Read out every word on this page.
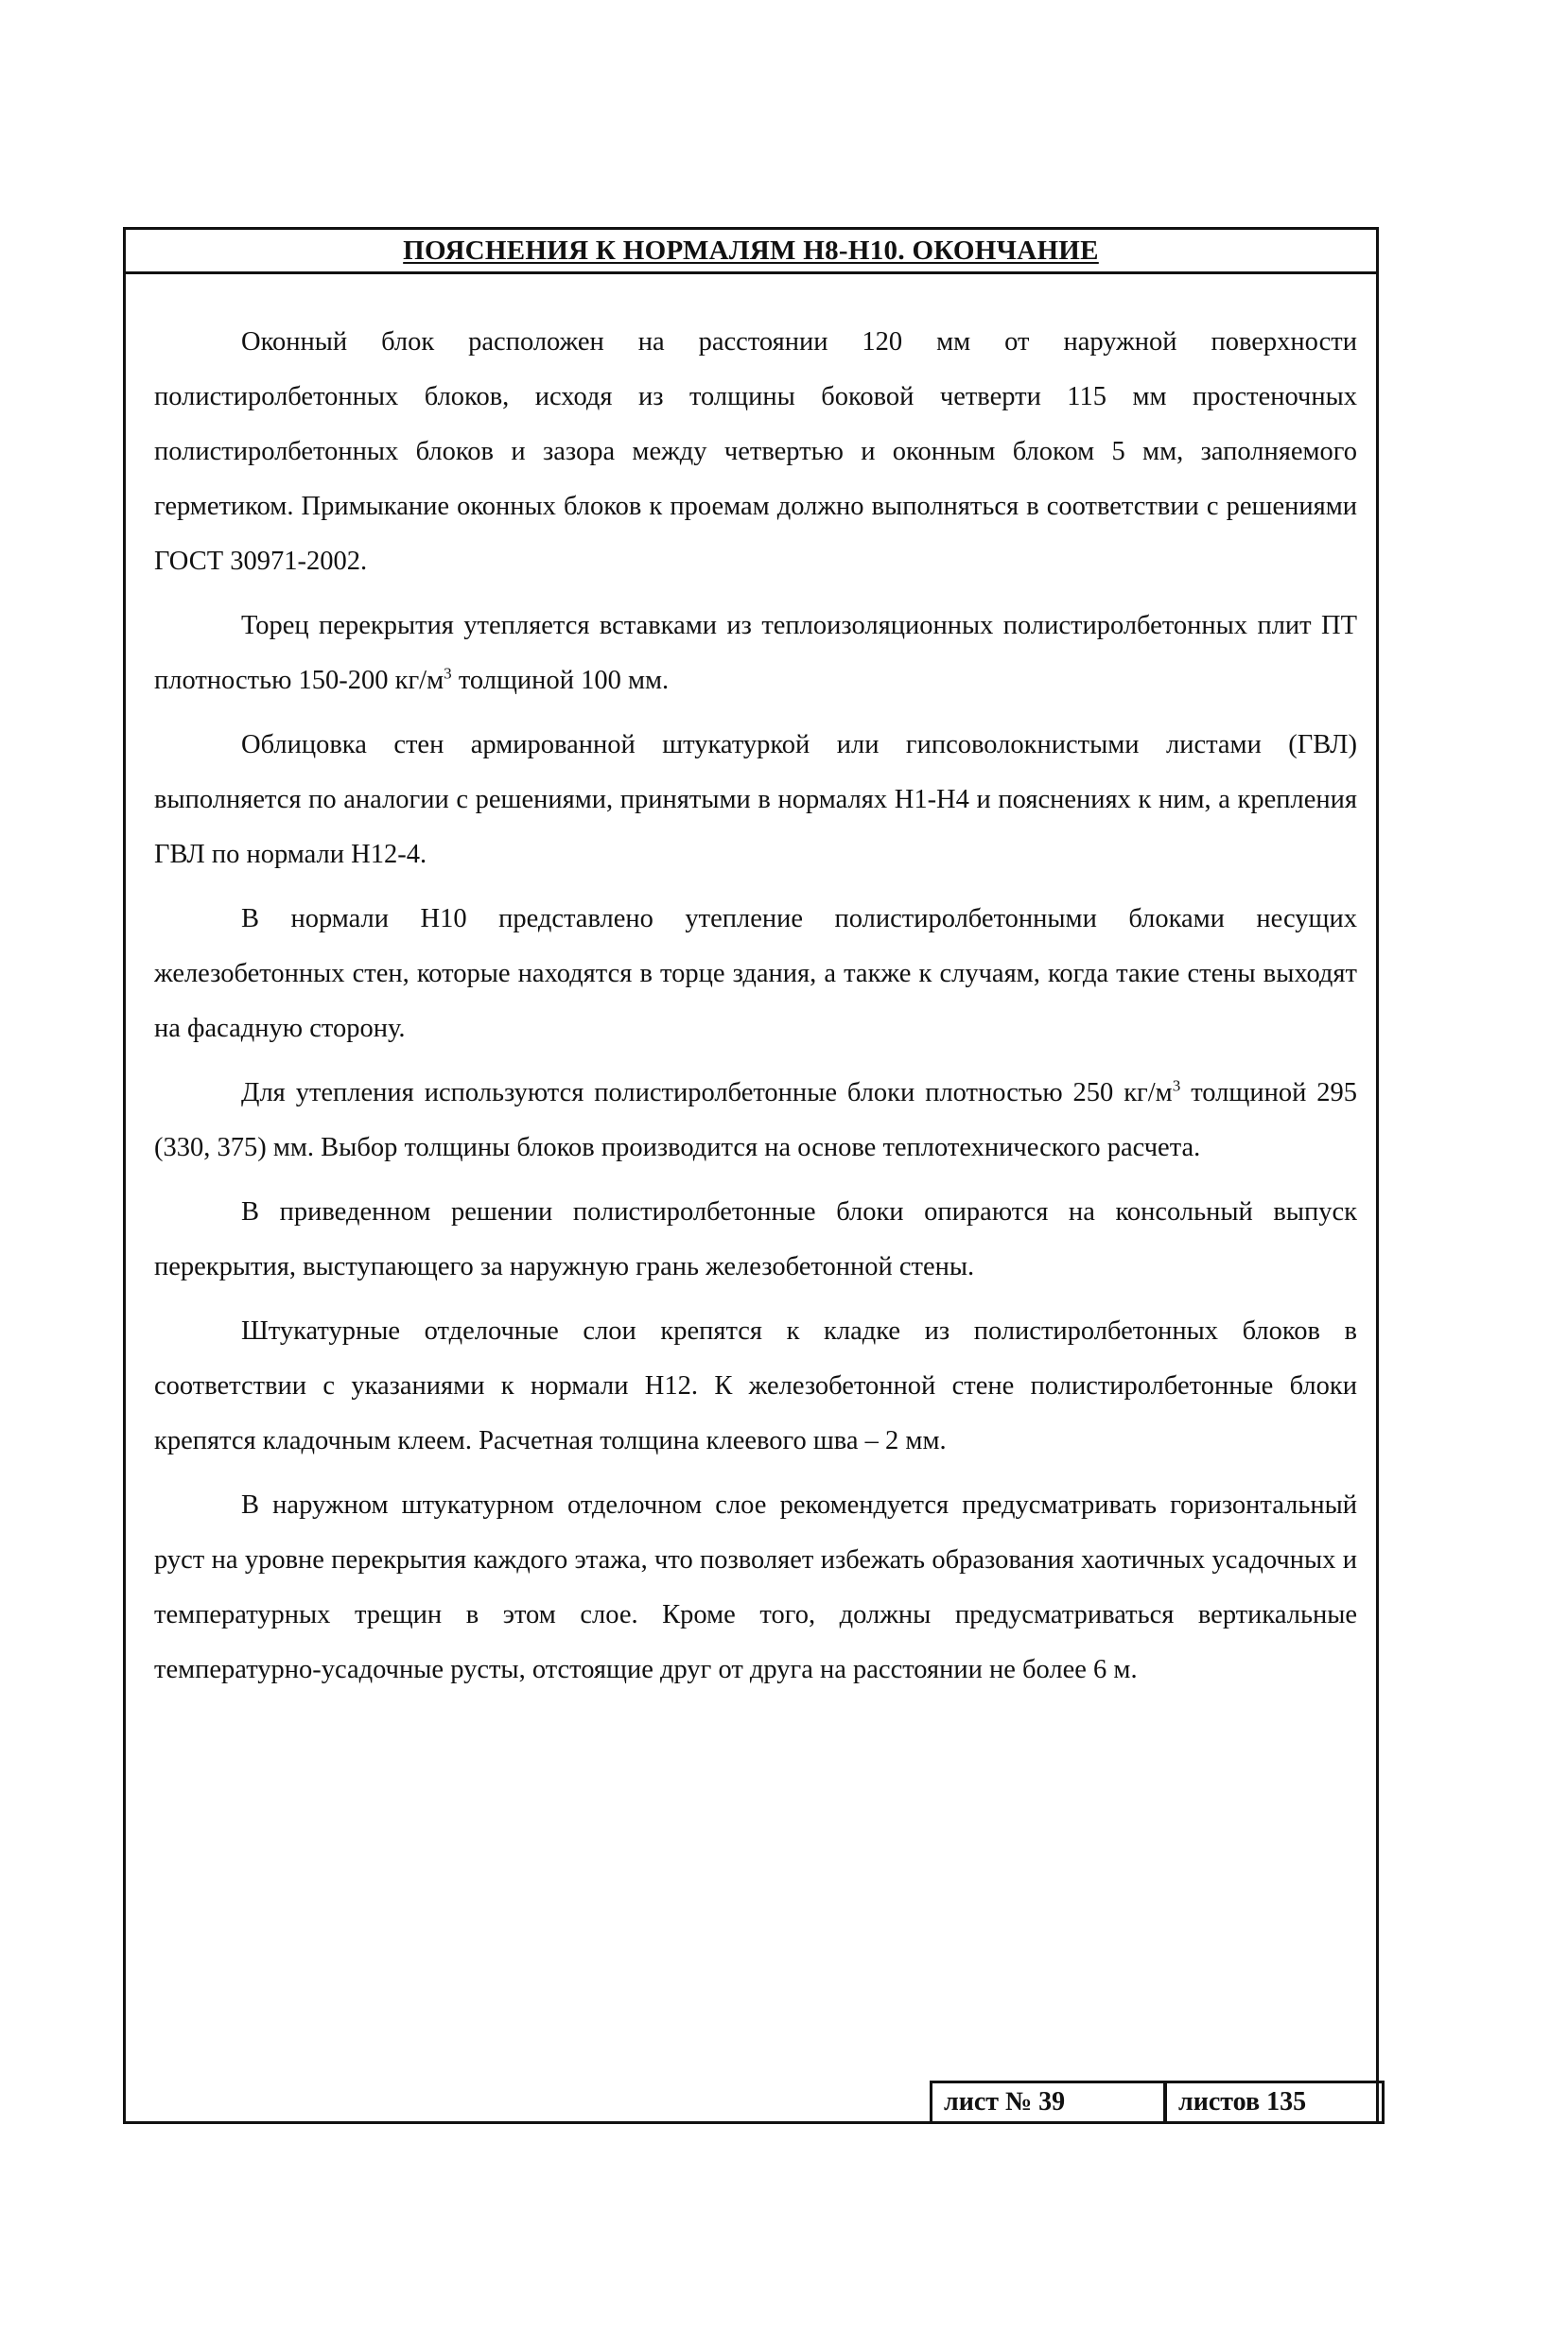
ПОЯСНЕНИЯ К НОРМАЛЯМ Н8-Н10. ОКОНЧАНИЕ

Оконный блок расположен на расстоянии 120 мм от наружной поверхности полистиролбетонных блоков, исходя из толщины боковой четверти 115 мм простеночных полистиролбетонных блоков и зазора между четвертью и оконным блоком 5 мм, заполняемого герметиком. Примыкание оконных блоков к проемам должно выполняться в соответствии с решениями ГОСТ 30971-2002.

Торец перекрытия утепляется вставками из теплоизоляционных полистиролбетонных плит ПТ плотностью 150-200 $кг/м^3$ толщиной 100 мм.

Облицовка стен армированной штукатуркой или гипсоволокнистыми листами (ГВЛ) выполняется по аналогии с решениями, принятыми в нормалях Н1-Н4 и пояснениях к ним, а крепления ГВЛ по нормали Н12-4.

В нормали Н10 представлено утепление полистиролбетонными блоками несущих железобетонных стен, которые находятся в торце здания, а также к случаям, когда такие стены выходят на фасадную сторону.

Для утепления используются полистиролбетонные блоки плотностью 250 $кг/м^3$ толщиной 295 (330, 375) мм. Выбор толщины блоков производится на основе теплотехнического расчета.

В приведенном решении полистиролбетонные блоки опираются на консольный выпуск перекрытия, выступающего за наружную грань железобетонной стены.

Штукатурные отделочные слои крепятся к кладке из полистиролбетонных блоков в соответствии с указаниями к нормали Н12. К железобетонной стене полистиролбетонные блоки крепятся кладочным клеем. Расчетная толщина клеевого шва – 2 мм.

В наружном штукатурном отделочном слое рекомендуется предусматривать горизонтальный руст на уровне перекрытия каждого этажа, что позволяет избежать образования хаотичных усадочных и температурных трещин в этом слое. Кроме того, должны предусматриваться вертикальные температурно-усадочные русты, отстоящие друг от друга на расстоянии не более 6 м.

лист № 39	листов 135
